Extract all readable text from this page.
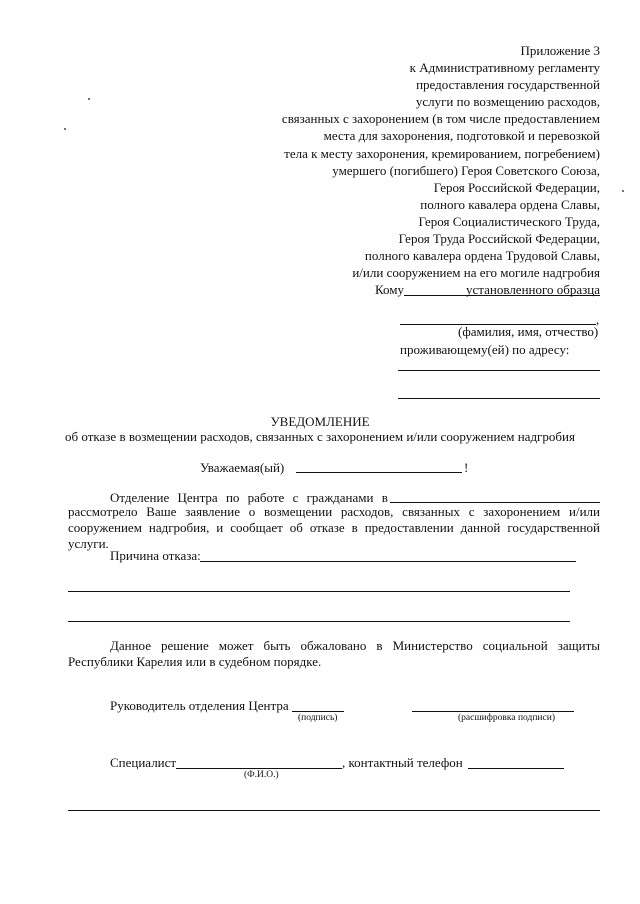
Приложение 3
к Административному регламенту
предоставления государственной
услуги по возмещению расходов,
связанных с захоронением (в том числе предоставлением
места для захоронения, подготовкой и перевозкой
тела к месту захоронения, кремированием, погребением)
умершего (погибшего) Героя Советского Союза,
Героя Российской Федерации,
полного кавалера ордена Славы,
Героя Социалистического Труда,
Героя Труда Российской Федерации,
полного кавалера ордена Трудовой Славы,
и/или сооружением на его могиле надгробия
установленного образца
Кому
,
(фамилия, имя, отчество)
проживающему(ей) по адресу:
УВЕДОМЛЕНИЕ
об отказе в возмещении расходов, связанных с захоронением и/или сооружением надгробия
Уважаемая(ый)	!
Отделение Центра по работе с гражданами в
рассмотрело Ваше заявление о возмещении расходов, связанных с захоронением и/или сооружением надгробия, и сообщает об отказе в предоставлении данной государственной услуги.
Причина отказа:
Данное решение может быть обжаловано в Министерство социальной защиты Республики Карелия или в судебном порядке.
Руководитель отделения Центра
(подпись)	(расшифровка подписи)
Специалист	, контактный телефон
(Ф.И.О.)
